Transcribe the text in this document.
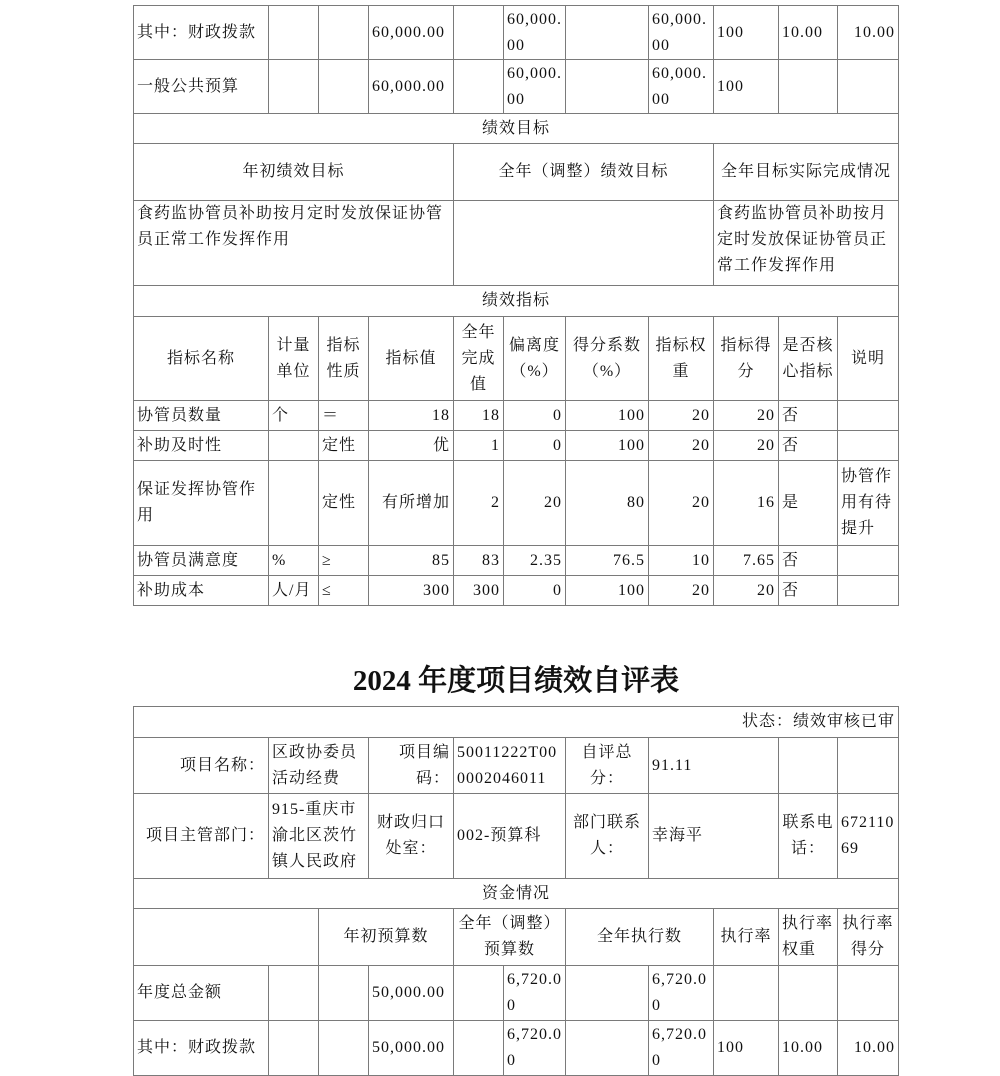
其中：财政拨款			60,000.00		60,000.00		60,000.00	100	10.00	10.00
一般公共预算			60,000.00		60,000.00		60,000.00	100		
绩效目标										
年初绩效目标				全年（调整）绩效目标				全年目标实际完成情况		
食药监协管员补助按月定时发放保证协管员正常工作发挥作用								食药监协管员补助按月定时发放保证协管员正常工作发挥作用		
绩效指标										
指标名称	计量单位	指标性质	指标值	全年完成值	偏离度（%）	得分系数（%）	指标权重	指标得分	是否核心指标	说明
协管员数量	个	＝	18	18	0	100	20	20	否	
补助及时性		定性	优	1	0	100	20	20	否	
保证发挥协管作用		定性	有所增加	2	20	80	20	16	是	协管作用有待提升
协管员满意度	%	≥	85	83	2.35	76.5	10	7.65	否	
补助成本	人/月	≤	300	300	0	100	20	20	否	
2024 年度项目绩效自评表
状态：绩效审核已审										
项目名称：	区政协委员活动经费		项目编码：	50011222T000002046011		自评总分：	91.11			
项目主管部门：	915-重庆市渝北区茨竹镇人民政府		财政归口处室：	002-预算科		部门联系人：	幸海平		联系电话：	67211069
资金情况										
		年初预算数		全年（调整）预算数		全年执行数		执行率	执行率权重	执行率得分
年度总金额			50,000.00		6,720.00		6,720.00			
其中：财政拨款			50,000.00		6,720.00		6,720.00	100	10.00	10.00
